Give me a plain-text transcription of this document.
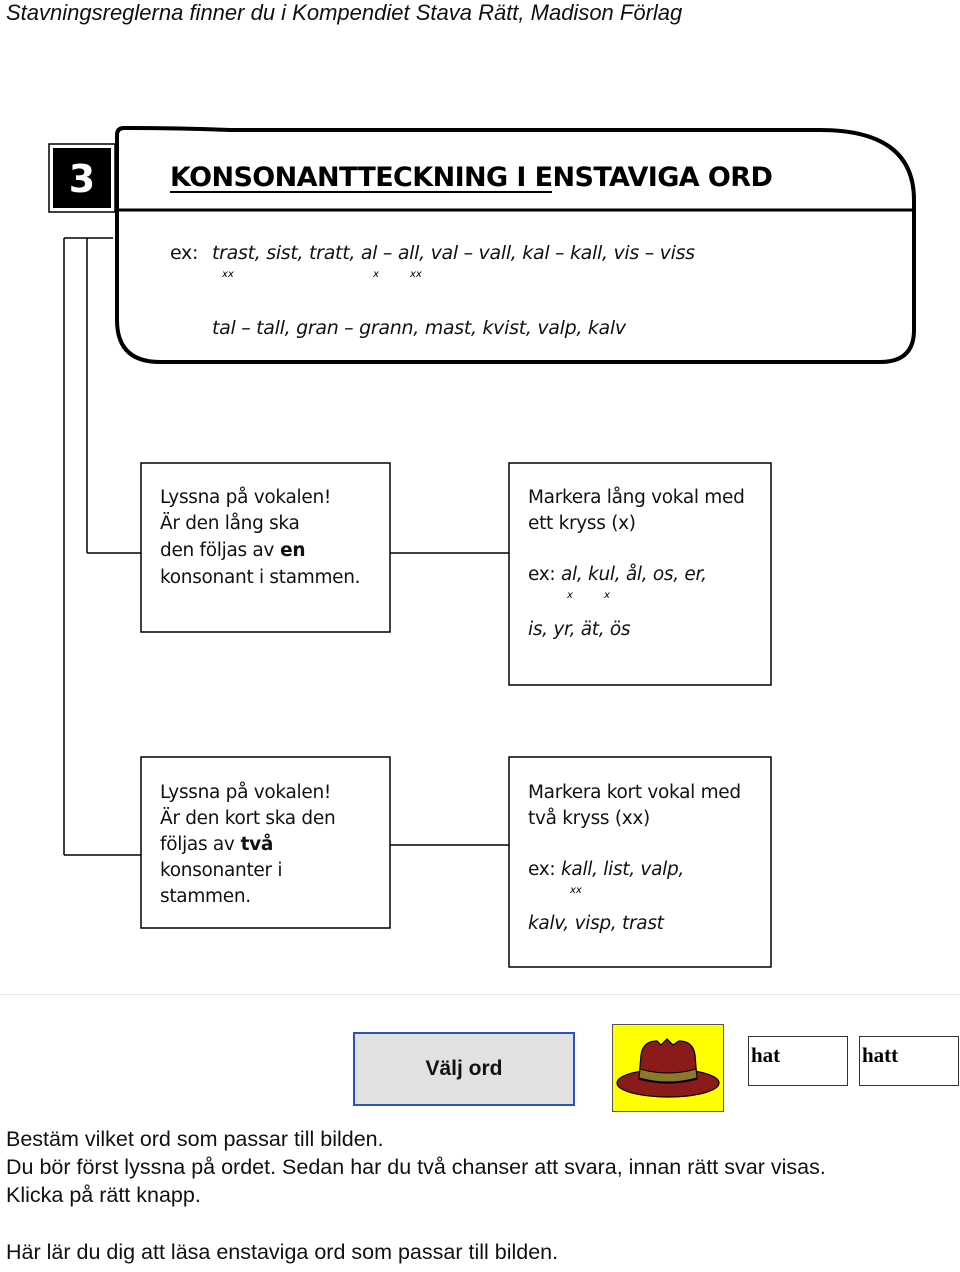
Stavningsreglerna finner du i Kompendiet Stava Rätt, Madison Förlag
3	KONSONANTTECKNING I ENSTAVIGA ORD
ex: trast, sist, tratt, al – all, val – vall, kal – kall, vis – viss
xx	x	xx
tal – tall, gran – grann, mast, kvist, valp, kalv
Lyssna på vokalen!
Är den lång ska
den följas av en
konsonant i stammen.
Markera lång vokal med
ett kryss (x)
ex: al, kul, ål, os, er,
is, yr, ät, ös
x	x
Lyssna på vokalen!
Är den kort ska den
följas av två
konsonanter i
stammen.
Markera kort vokal med
två kryss (xx)
ex: kall, list, valp,
kalv, visp, trast
xx
Välj ord
hat	hatt
Bestäm vilket ord som passar till bilden.
Du bör först lyssna på ordet. Sedan har du två chanser att svara, innan rätt svar visas.
Klicka på rätt knapp.
Här lär du dig att läsa enstaviga ord som passar till bilden.
